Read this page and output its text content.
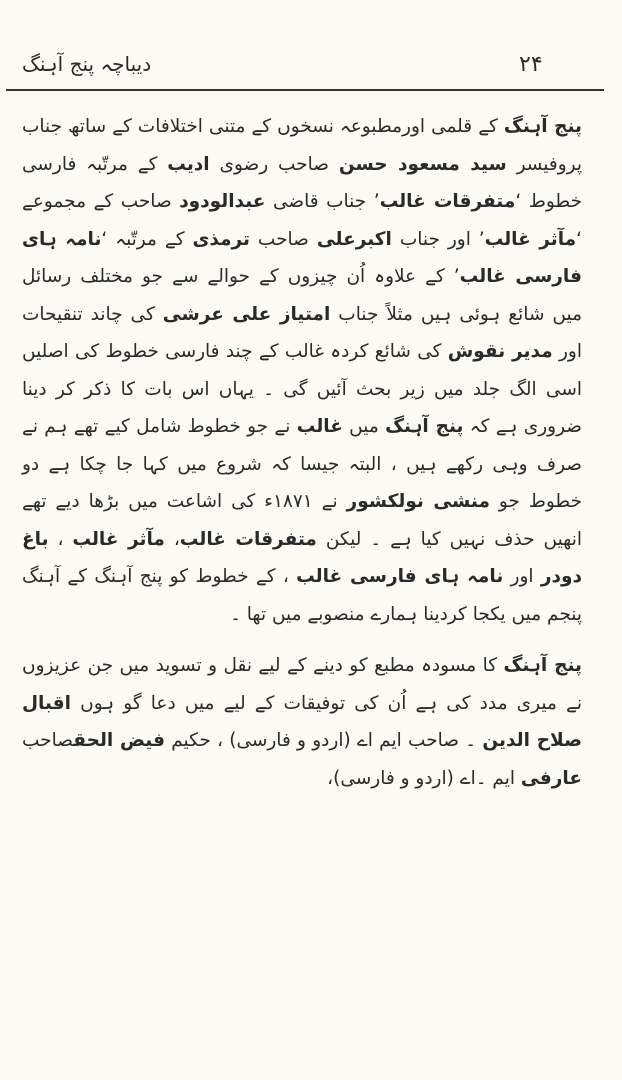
دیباچہ پنج آہنگ	۲۴

پنج آہنگ کے قلمی اورمطبوعہ نسخوں کے متنی اختلافات کے ساتھ جناب پروفیسر سید مسعود حسن صاحب رضوی ادیب کے مرتّبہ فارسی خطوط ‘متفرقات غالب’ جناب قاضی عبدالودود صاحب کے مجموعے ‘مآثر غالب’ اور جناب اکبرعلی صاحب ترمذی کے مرتّبہ ‘نامہ ہای فارسی غالب’ کے علاوہ اُن چیزوں کے حوالے سے جو مختلف رسائل میں شائع ہوئی ہیں مثلاً جناب امتیاز علی عرشی کی چاند تنقیحات اور مدیر نقوش کی شائع کردہ غالب کے چند فارسی خطوط کی اصلیں اسی الگ جلد میں زیر بحث آئیں گی ۔ یہاں اس بات کا ذکر کر دینا ضروری ہے کہ پنج آہنگ میں غالب نے جو خطوط شامل کیے تھے ہم نے صرف وہی رکھے ہیں ، البتہ جیسا کہ شروع میں کہا جا چکا ہے دو خطوط جو منشی نولکشور نے ۱۸۷۱ء کی اشاعت میں بڑھا دیے تھے انھیں حذف نہیں کیا ہے ۔ لیکن متفرقات غالب، مآثر غالب ، باغ دودر اور نامہ ہای فارسی غالب ، کے خطوط کو پنج آہنگ کے آہنگ پنجم میں یکجا کردینا ہمارے منصوبے میں تھا ۔

پنج آہنگ کا مسودہ مطبع کو دینے کے لیے نقل و تسوید میں جن عزیزوں نے میری مدد کی ہے اُن کی توفیقات کے لیے میں دعا گو ہوں اقبال صلاح الدین ۔ صاحب ایم اے (اردو و فارسی) ، حکیم فیض الحقصاحب عارفی ایم ۔اے (اردو و فارسی)،
